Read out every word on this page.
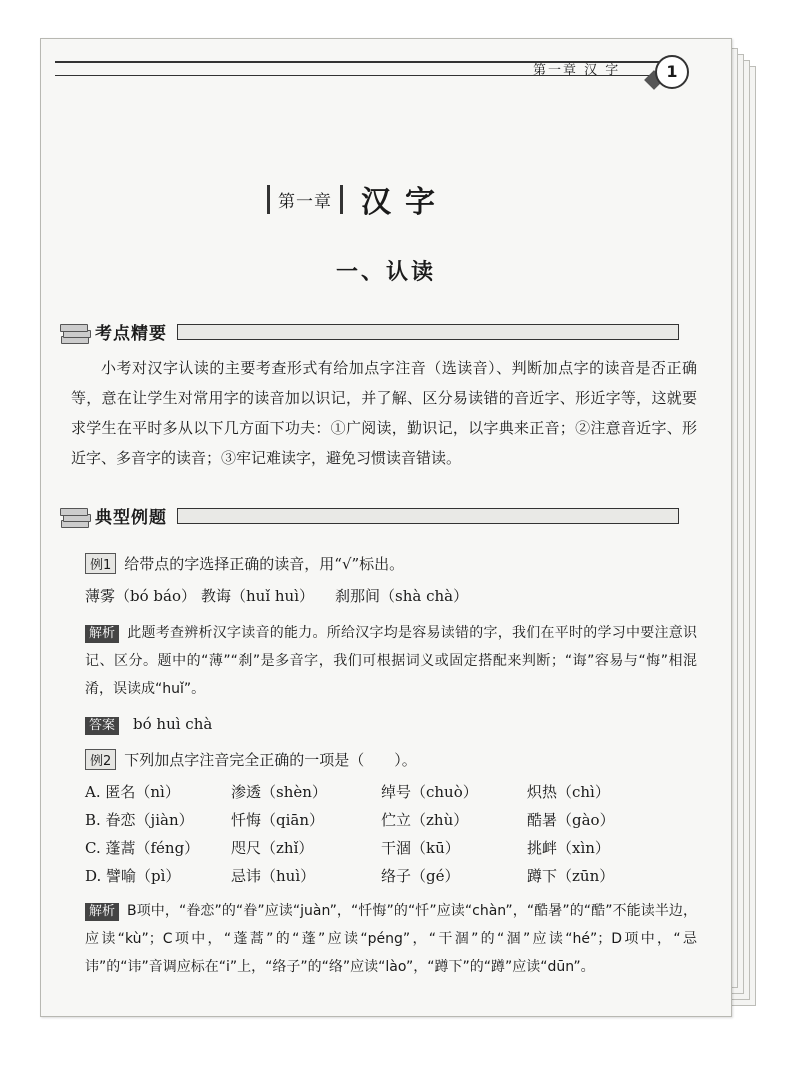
第一章 汉 字	1
第一章 汉字
一、认读
考点精要

小考对汉字认读的主要考查形式有给加点字注音（选读音）、判断加点字的读音是否正确等，意在让学生对常用字的读音加以识记，并了解、区分易读错的音近字、形近字等，这就要求学生在平时多从以下几方面下功夫：①广阅读，勤识记，以字典来正音；②注意音近字、形近字、多音字的读音；③牢记难读字，避免习惯读音错读。

典型例题
例1 给带点的字选择正确的读音，用“√”标出。
薄雾（bó báo） 教诲（huǐ huì）	刹那间（shà chà）

解析 此题考查辨析汉字读音的能力。所给汉字均是容易读错的字，我们在平时的学习中要注意识记、区分。题中的“薄”“刹”是多音字，我们可根据词义或固定搭配来判断；“诲”容易与“悔”相混淆，误读成“huǐ”。

答案 bó huì chà
例2 下列加点字注音完全正确的一项是（　　）。
A. 匿名（nì）	渗透（shèn）	绰号（chuò）	炽热（chì）
B. 眷恋（jiàn） 忏悔（qiān）	伫立（zhù）	酷暑（gào）
C. 蓬蒿（féng） 咫尺（zhǐ）	干涸（kū）	挑衅（xìn）
D. 譬喻（pì）	忌讳（huì）	络子（gé）	蹲下（zūn）

解析 B项中，“眷恋”的“眷”应读“juàn”，“忏悔”的“忏”应读“chàn”，“酷暑”的“酷”不能读半边，应读“kù”；C项中，“蓬蒿”的“蓬”应读“péng”，“干涸”的“涸”应读“hé”；D项中，“忌讳”的“讳”音调应标在“i”上，“络子”的“络”应读“lào”，“蹲下”的“蹲”应读“dūn”。
